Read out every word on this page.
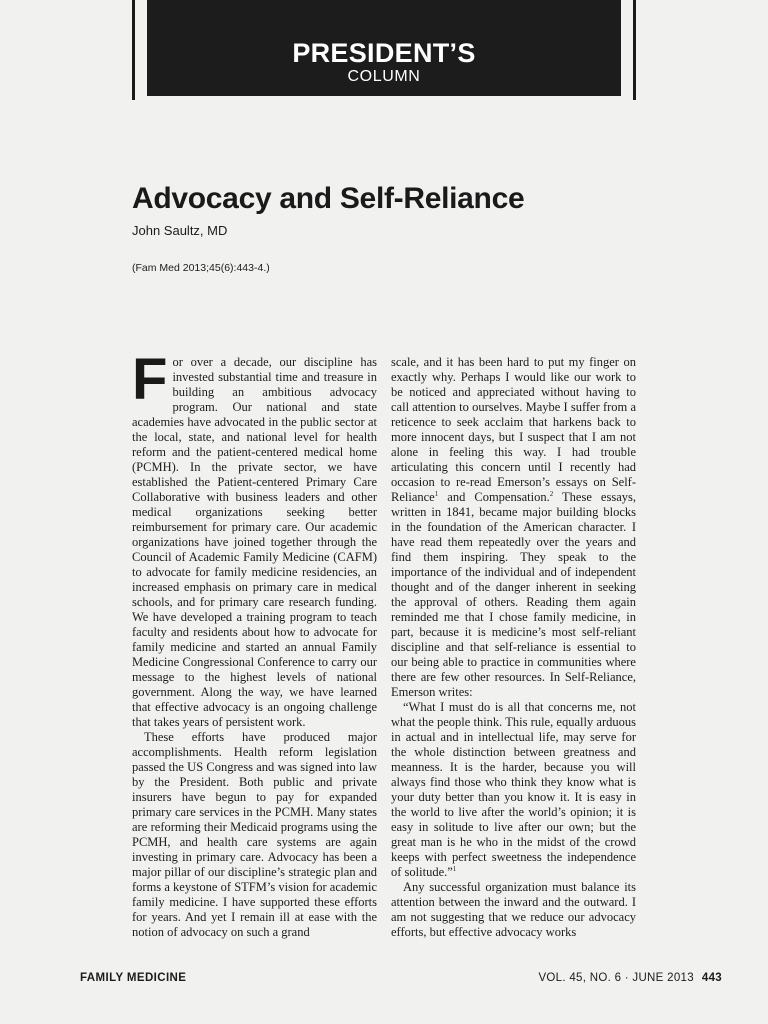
PRESIDENT’S
COLUMN
Advocacy and Self-Reliance
John Saultz, MD
(Fam Med 2013;45(6):443-4.)

For over a decade, our discipline has invested substantial time and treasure in building an ambitious advocacy program. Our national and state academies have advocated in the public sector at the local, state, and national level for health reform and the patient-centered medical home (PCMH). In the private sector, we have established the Patient-centered Primary Care Collaborative with business leaders and other medical organizations seeking better reimbursement for primary care. Our academic organizations have joined together through the Council of Academic Family Medicine (CAFM) to advocate for family medicine residencies, an increased emphasis on primary care in medical schools, and for primary care research funding. We have developed a training program to teach faculty and residents about how to advocate for family medicine and started an annual Family Medicine Congressional Conference to carry our message to the highest levels of national government. Along the way, we have learned that effective advocacy is an ongoing challenge that takes years of persistent work.

These efforts have produced major accomplishments. Health reform legislation passed the US Congress and was signed into law by the President. Both public and private insurers have begun to pay for expanded primary care services in the PCMH. Many states are reforming their Medicaid programs using the PCMH, and health care systems are again investing in primary care. Advocacy has been a major pillar of our discipline’s strategic plan and forms a keystone of STFM’s vision for academic family medicine. I have supported these efforts for years. And yet I remain ill at ease with the notion of advocacy on such a grand

scale, and it has been hard to put my finger on exactly why. Perhaps I would like our work to be noticed and appreciated without having to call attention to ourselves. Maybe I suffer from a reticence to seek acclaim that harkens back to more innocent days, but I suspect that I am not alone in feeling this way. I had trouble articulating this concern until I recently had occasion to re-read Emerson’s essays on Self-Reliance$^1$ and Compensation.$^2$ These essays, written in 1841, became major building blocks in the foundation of the American character. I have read them repeatedly over the years and find them inspiring. They speak to the importance of the individual and of independent thought and of the danger inherent in seeking the approval of others. Reading them again reminded me that I chose family medicine, in part, because it is medicine’s most self-reliant discipline and that self-reliance is essential to our being able to practice in communities where there are few other resources. In Self-Reliance, Emerson writes:

“What I must do is all that concerns me, not what the people think. This rule, equally arduous in actual and in intellectual life, may serve for the whole distinction between greatness and meanness. It is the harder, because you will always find those who think they know what is your duty better than you know it. It is easy in the world to live after the world’s opinion; it is easy in solitude to live after our own; but the great man is he who in the midst of the crowd keeps with perfect sweetness the independence of solitude.”$^1$

Any successful organization must balance its attention between the inward and the outward. I am not suggesting that we reduce our advocacy efforts, but effective advocacy works

FAMILY MEDICINE	VOL. 45, NO. 6 · JUNE 2013 443
